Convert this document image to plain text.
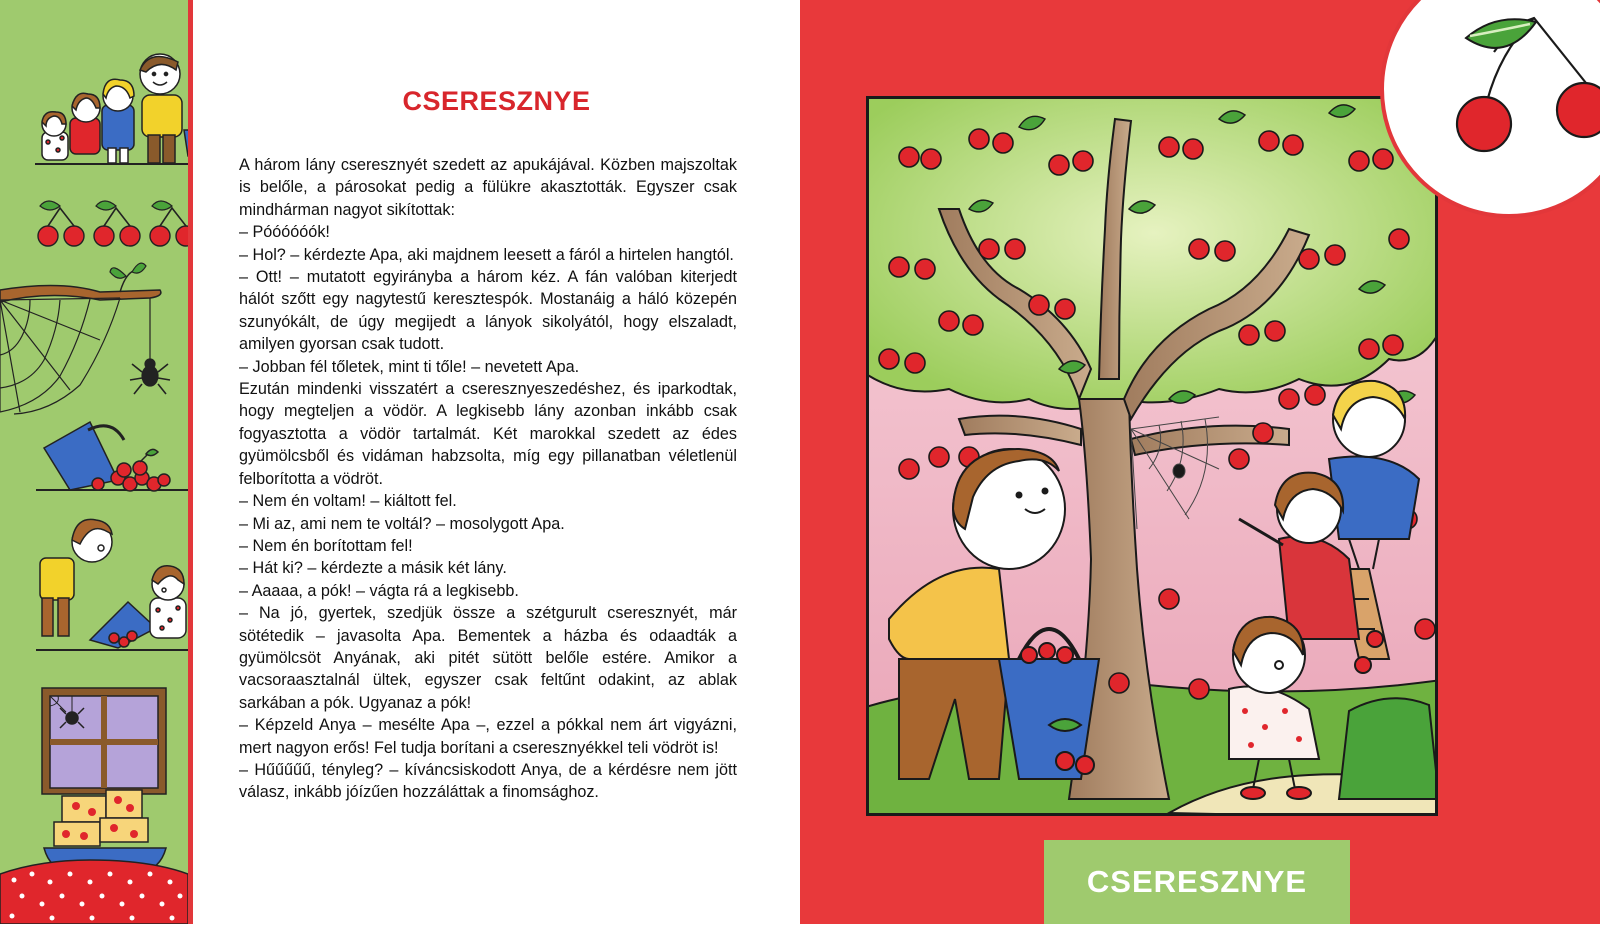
CSERESZNYE

A három lány cseresznyét szedett az apukájával. Közben majszoltak is belőle, a párosokat pedig a fülükre akasztották. Egyszer csak mindhárman nagyot sikítottak:

– Póóóóóók!

– Hol? – kérdezte Apa, aki majdnem leesett a fáról a hirtelen hangtól.

– Ott! – mutatott egyirányba a három kéz. A fán valóban kiterjedt hálót szőtt egy nagytestű keresztespók. Mostanáig a háló közepén szunyókált, de úgy megijedt a lányok sikolyától, hogy elszaladt, amilyen gyorsan csak tudott.

– Jobban fél tőletek, mint ti tőle! – nevetett Apa.

Ezután mindenki visszatért a cseresznyeszedéshez, és iparkodtak, hogy megteljen a vödör. A legkisebb lány azonban inkább csak fogyasztotta a vödör tartalmát. Két marokkal szedett az édes gyümölcsből és vidáman habzsolta, míg egy pillanatban véletlenül felborította a vödröt.

– Nem én voltam! – kiáltott fel.

– Mi az, ami nem te voltál? – mosolygott Apa.

– Nem én borítottam fel!

– Hát ki? – kérdezte a másik két lány.

– Aaaaa, a pók! – vágta rá a legkisebb.

– Na jó, gyertek, szedjük össze a szétgurult cseresznyét, már sötétedik – javasolta Apa. Bementek a házba és odaadták a gyümölcsöt Anyának, aki pitét sütött belőle estére. Amikor a vacsoraasztalnál ültek, egyszer csak feltűnt odakint, az ablak sarkában a pók. Ugyanaz a pók!

– Képzeld Anya – mesélte Apa –, ezzel a pókkal nem árt vigyázni, mert nagyon erős! Fel tudja borítani a cseresznyékkel teli vödröt is!

– Hűűűűű, tényleg? – kíváncsiskodott Anya, de a kérdésre nem jött válasz, inkább jóízűen hozzáláttak a finomsághoz.

CSERESZNYE
